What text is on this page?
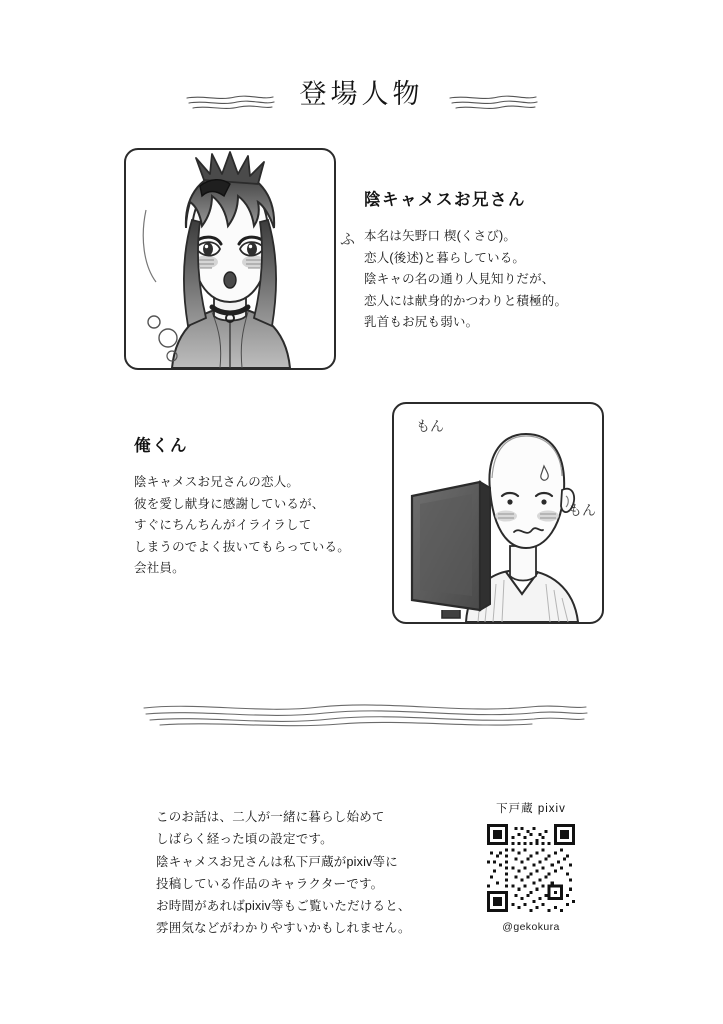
登場人物
ふ
陰キャメスお兄さん
本名は矢野口 楔(くさび)。
恋人(後述)と暮らしている。
陰キャの名の通り人見知りだが、
恋人には献身的かつわりと積極的。
乳首もお尻も弱い。
俺くん
陰キャメスお兄さんの恋人。
彼を愛し献身に感謝しているが、
すぐにちんちんがイライラして
しまうのでよく抜いてもらっている。
会社員。
もん
もん
このお話は、二人が一緒に暮らし始めて
しばらく経った頃の設定です。
陰キャメスお兄さんは私下戸蔵がpixiv等に
投稿している作品のキャラクターです。
お時間があればpixiv等もご覧いただけると、
雰囲気などがわかりやすいかもしれません。
下戸蔵 pixiv
@gekokura
